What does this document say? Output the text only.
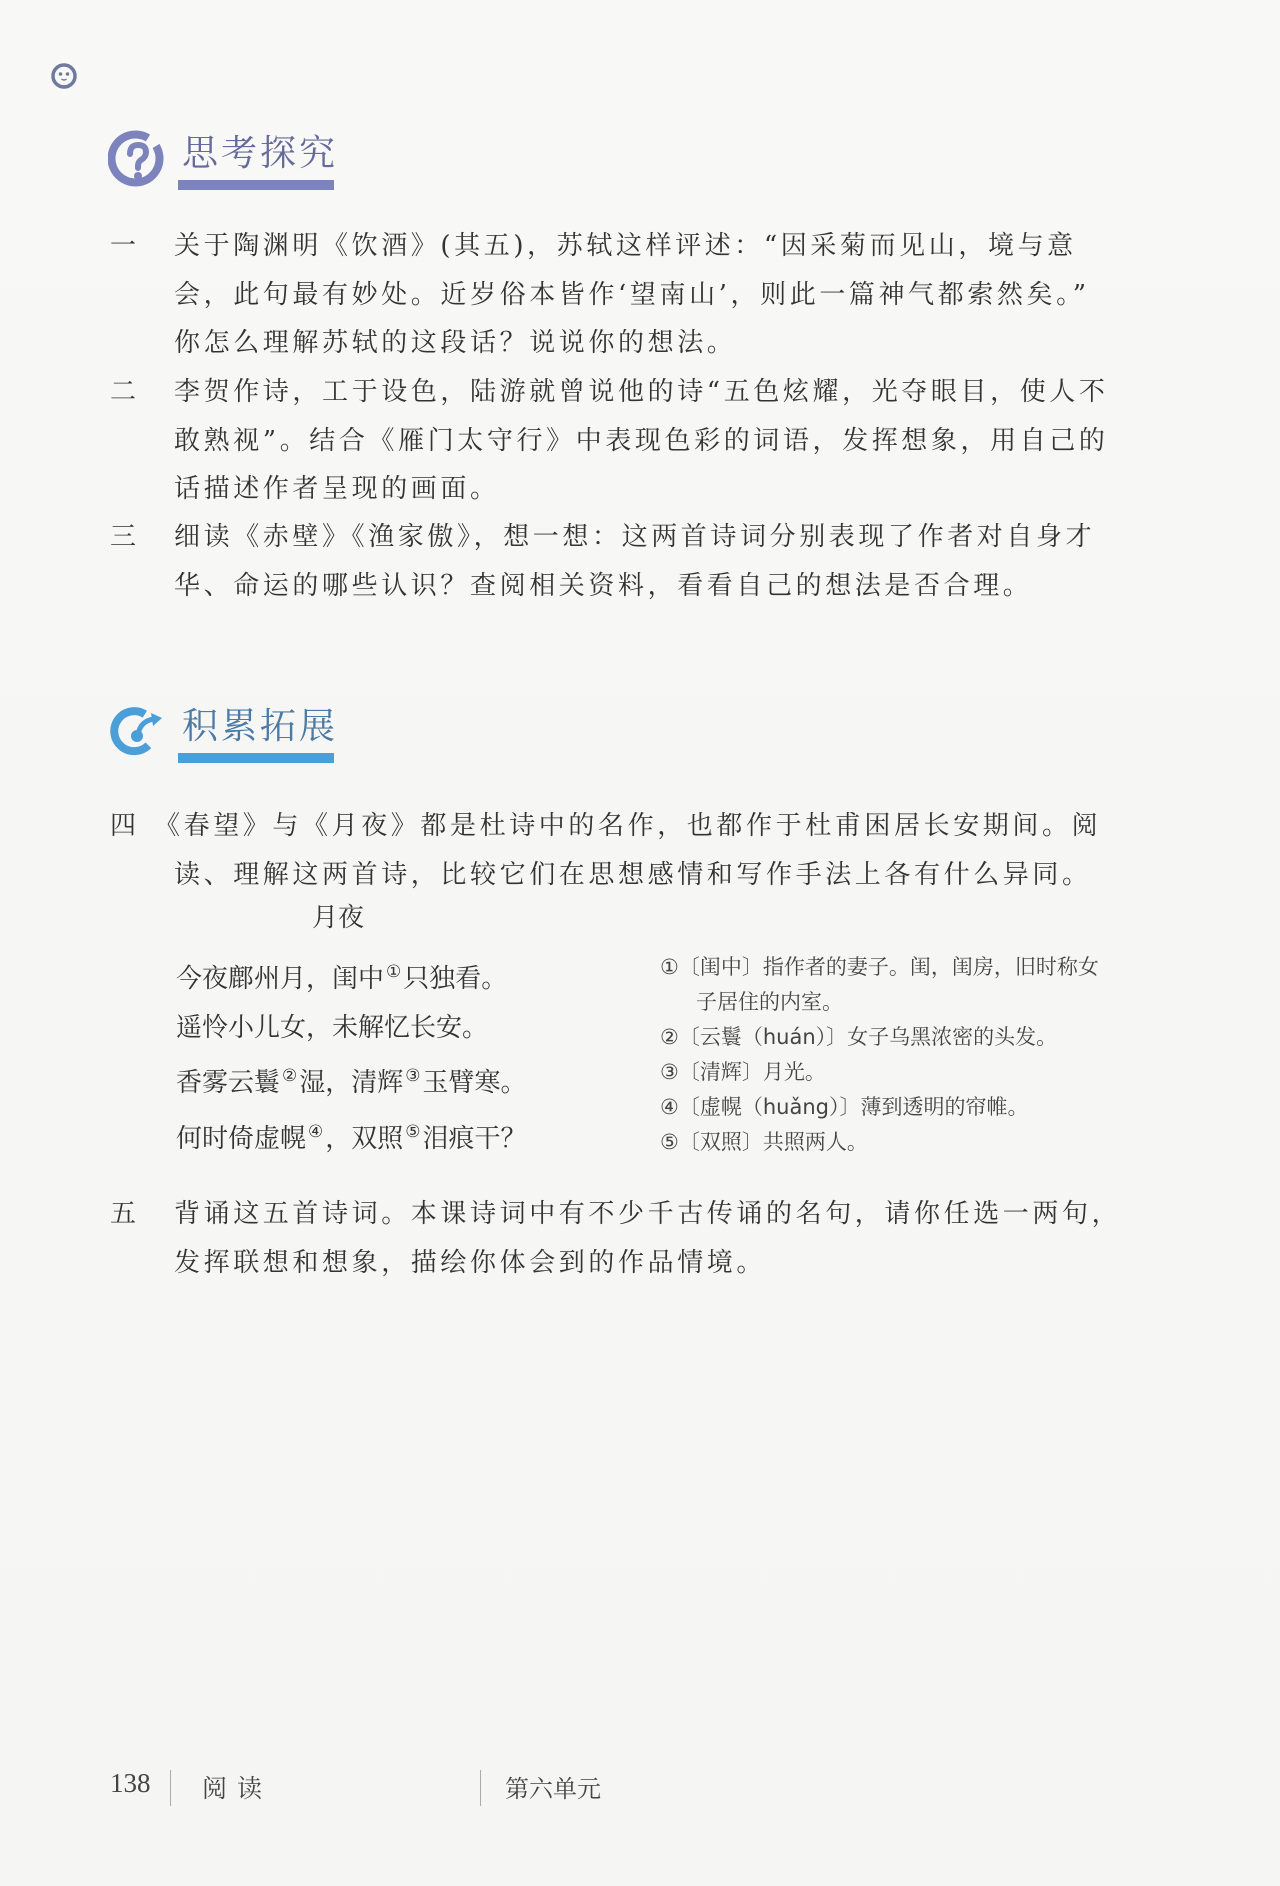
思考探究
一	关于陶渊明《饮酒》(其五)，苏轼这样评述：“因采菊而见山，境与意
会，此句最有妙处。近岁俗本皆作‘望南山’，则此一篇神气都索然矣。”
你怎么理解苏轼的这段话？说说你的想法。
二	李贺作诗，工于设色，陆游就曾说他的诗“五色炫耀，光夺眼目，使人不
敢熟视”。结合《雁门太守行》中表现色彩的词语，发挥想象，用自己的
话描述作者呈现的画面。
三	细读《赤壁》《渔家傲》，想一想：这两首诗词分别表现了作者对自身才
华、命运的哪些认识？查阅相关资料，看看自己的想法是否合理。
积累拓展
四 《春望》与《月夜》都是杜诗中的名作，也都作于杜甫困居长安期间。阅
读、理解这两首诗，比较它们在思想感情和写作手法上各有什么异同。
月夜
今夜鄜州月，闺中 ①只独看。
遥怜小儿女，未解忆长安。
香雾云鬟 ②湿，清辉 ③玉臂寒。
何时倚虚幌 ④，双照 ⑤泪痕干？
①〔闺中〕指作者的妻子。闺，闺房，旧时称女
子居住的内室。
②〔云鬟（huán）〕女子乌黑浓密的头发。
③〔清辉〕月光。
④〔虚幌（huǎng）〕薄到透明的帘帷。
⑤〔双照〕共照两人。
五	背诵这五首诗词。本课诗词中有不少千古传诵的名句，请你任选一两句，
发挥联想和想象，描绘你体会到的作品情境。
138 阅读	第六单元
